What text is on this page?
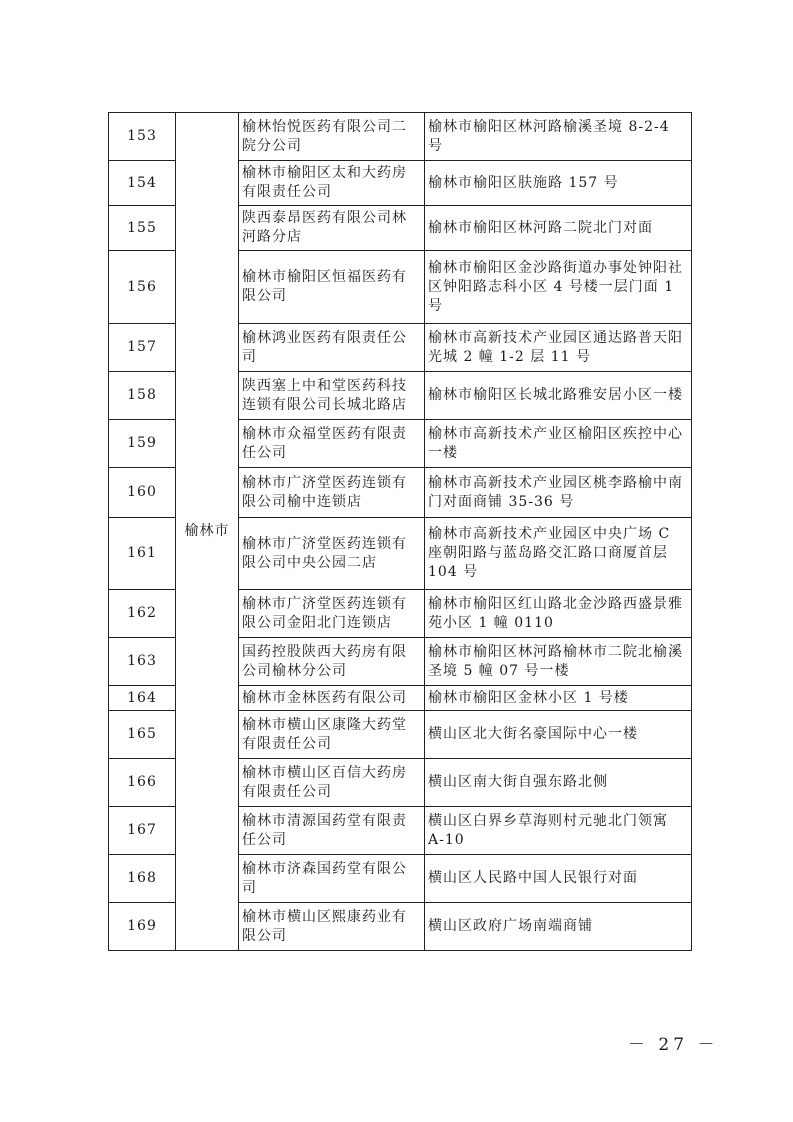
153	榆林市	榆林怡悦医药有限公司二院分公司	榆林市榆阳区林河路榆溪圣境 8-2-4 号
154		榆林市榆阳区太和大药房有限责任公司	榆林市榆阳区肤施路 157 号
155		陕西泰昂医药有限公司林河路分店	榆林市榆阳区林河路二院北门对面
156		榆林市榆阳区恒福医药有限公司	榆林市榆阳区金沙路街道办事处钟阳社区钟阳路志科小区 4 号楼一层门面 1 号
157		榆林鸿业医药有限责任公司	榆林市高新技术产业园区通达路普天阳光城 2 幢 1-2 层 11 号
158		陕西塞上中和堂医药科技连锁有限公司长城北路店	榆林市榆阳区长城北路雅安居小区一楼
159		榆林市众福堂医药有限责任公司	榆林市高新技术产业区榆阳区疾控中心一楼
160		榆林市广济堂医药连锁有限公司榆中连锁店	榆林市高新技术产业园区桃李路榆中南门对面商铺 35-36 号
161		榆林市广济堂医药连锁有限公司中央公园二店	榆林市高新技术产业园区中央广场 C 座朝阳路与蓝岛路交汇路口商厦首层 104 号
162		榆林市广济堂医药连锁有限公司金阳北门连锁店	榆林市榆阳区红山路北金沙路西盛景雅苑小区 1 幢 0110
163		国药控股陕西大药房有限公司榆林分公司	榆林市榆阳区林河路榆林市二院北榆溪圣境 5 幢 07 号一楼
164		榆林市金林医药有限公司	榆林市榆阳区金林小区 1 号楼
165		榆林市横山区康隆大药堂有限责任公司	横山区北大街名豪国际中心一楼
166		榆林市横山区百信大药房有限责任公司	横山区南大街自强东路北侧
167		榆林市清源国药堂有限责任公司	横山区白界乡草海则村元驰北门领寓 A-10
168		榆林市济森国药堂有限公司	横山区人民路中国人民银行对面
169		榆林市横山区熙康药业有限公司	横山区政府广场南端商铺
－ 27 －
